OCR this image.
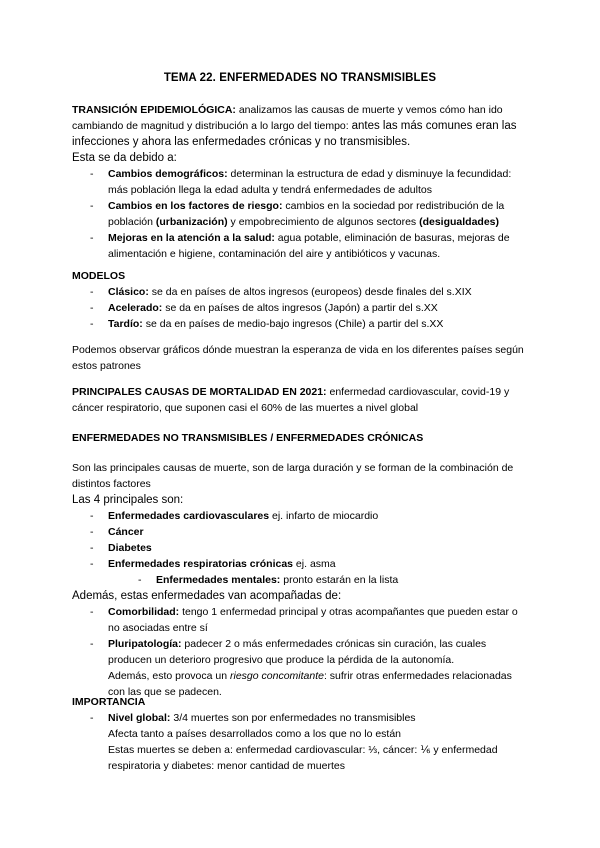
TEMA 22. ENFERMEDADES NO TRANSMISIBLES

TRANSICIÓN EPIDEMIOLÓGICA: analizamos las causas de muerte y vemos cómo han ido cambiando de magnitud y distribución a lo largo del tiempo: antes las más comunes eran las infecciones y ahora las enfermedades crónicas y no transmisibles.

Esta se da debido a:

- Cambios demográficos: determinan la estructura de edad y disminuye la fecundidad: más población llega la edad adulta y tendrá enfermedades de adultos
- Cambios en los factores de riesgo: cambios en la sociedad por redistribución de la población (urbanización) y empobrecimiento de algunos sectores (desigualdades)
- Mejoras en la atención a la salud: agua potable, eliminación de basuras, mejoras de alimentación e higiene, contaminación del aire y antibióticos y vacunas.

MODELOS

- Clásico: se da en países de altos ingresos (europeos) desde finales del s.XIX
- Acelerado: se da en países de altos ingresos (Japón) a partir del s.XX
- Tardío: se da en países de medio-bajo ingresos (Chile) a partir del s.XX
Podemos observar gráficos dónde muestran la esperanza de vida en los diferentes países según estos patrones

PRINCIPALES CAUSAS DE MORTALIDAD EN 2021: enfermedad cardiovascular, covid-19 y cáncer respiratorio, que suponen casi el 60% de las muertes a nivel global

ENFERMEDADES NO TRANSMISIBLES / ENFERMEDADES CRÓNICAS

Son las principales causas de muerte, son de larga duración y se forman de la combinación de distintos factores

Las 4 principales son:

- Enfermedades cardiovasculares ej. infarto de miocardio
- Cáncer
- Diabetes
- Enfermedades respiratorias crónicas ej. asma
- Enfermedades mentales: pronto estarán en la lista

Además, estas enfermedades van acompañadas de:

- Comorbilidad: tengo 1 enfermedad principal y otras acompañantes que pueden estar o no asociadas entre sí
- Pluripatología: padecer 2 o más enfermedades crónicas sin curación, las cuales producen un deterioro progresivo que produce la pérdida de la autonomía.
Además, esto provoca un riesgo concomitante: sufrir otras enfermedades relacionadas con las que se padecen.

IMPORTANCIA

- Nivel global: 3/4 muertes son por enfermedades no transmisibles
Afecta tanto a países desarrollados como a los que no lo están
Estas muertes se deben a: enfermedad cardiovascular: ⅓, cáncer: ⅙ y enfermedad respiratoria y diabetes: menor cantidad de muertes
